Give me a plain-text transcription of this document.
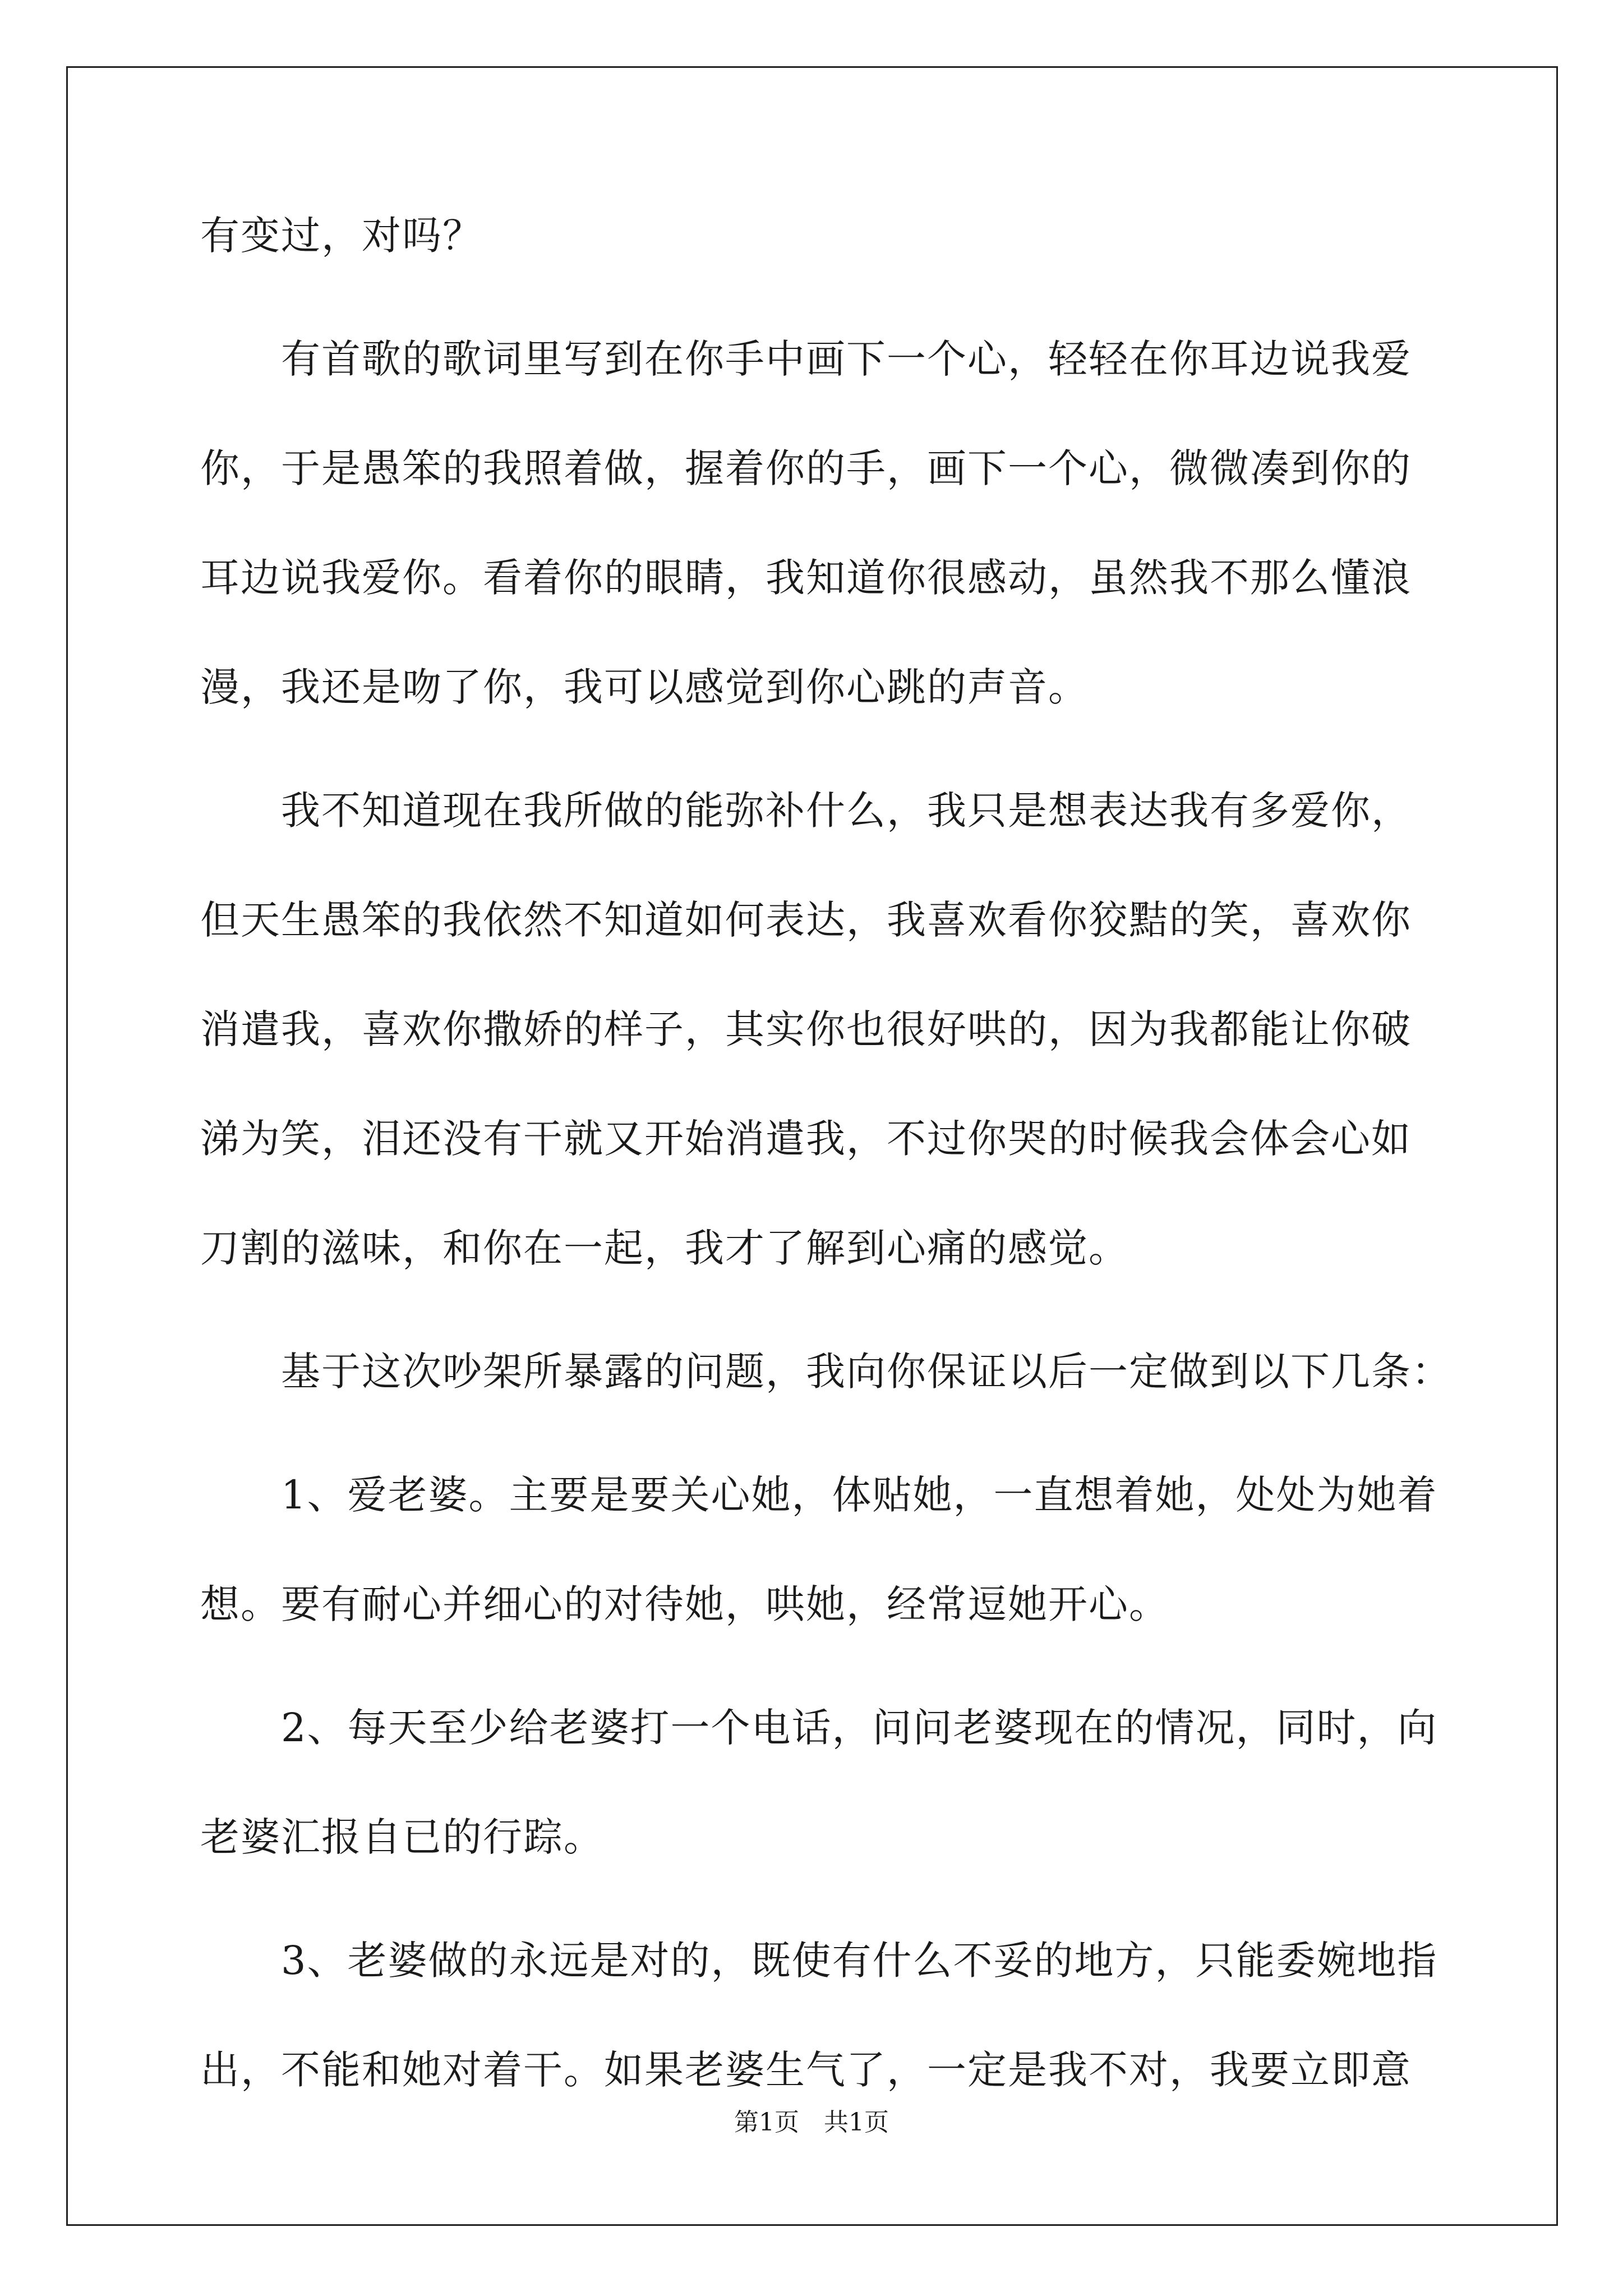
有变过，对吗？
　　有首歌的歌词里写到在你手中画下一个心，轻轻在你耳边说我爱
你，于是愚笨的我照着做，握着你的手，画下一个心，微微凑到你的
耳边说我爱你。看着你的眼睛，我知道你很感动，虽然我不那么懂浪
漫，我还是吻了你，我可以感觉到你心跳的声音。
　　我不知道现在我所做的能弥补什么，我只是想表达我有多爱你，
但天生愚笨的我依然不知道如何表达，我喜欢看你狡黠的笑，喜欢你
消遣我，喜欢你撒娇的样子，其实你也很好哄的，因为我都能让你破
涕为笑，泪还没有干就又开始消遣我，不过你哭的时候我会体会心如
刀割的滋味，和你在一起，我才了解到心痛的感觉。
　　基于这次吵架所暴露的问题，我向你保证以后一定做到以下几条：
　　1、爱老婆。主要是要关心她，体贴她，一直想着她，处处为她着
想。要有耐心并细心的对待她，哄她，经常逗她开心。
　　2、每天至少给老婆打一个电话，问问老婆现在的情况，同时，向
老婆汇报自已的行踪。
　　3、老婆做的永远是对的，既使有什么不妥的地方，只能委婉地指
出，不能和她对着干。如果老婆生气了，一定是我不对，我要立即意
第1页　共1页
